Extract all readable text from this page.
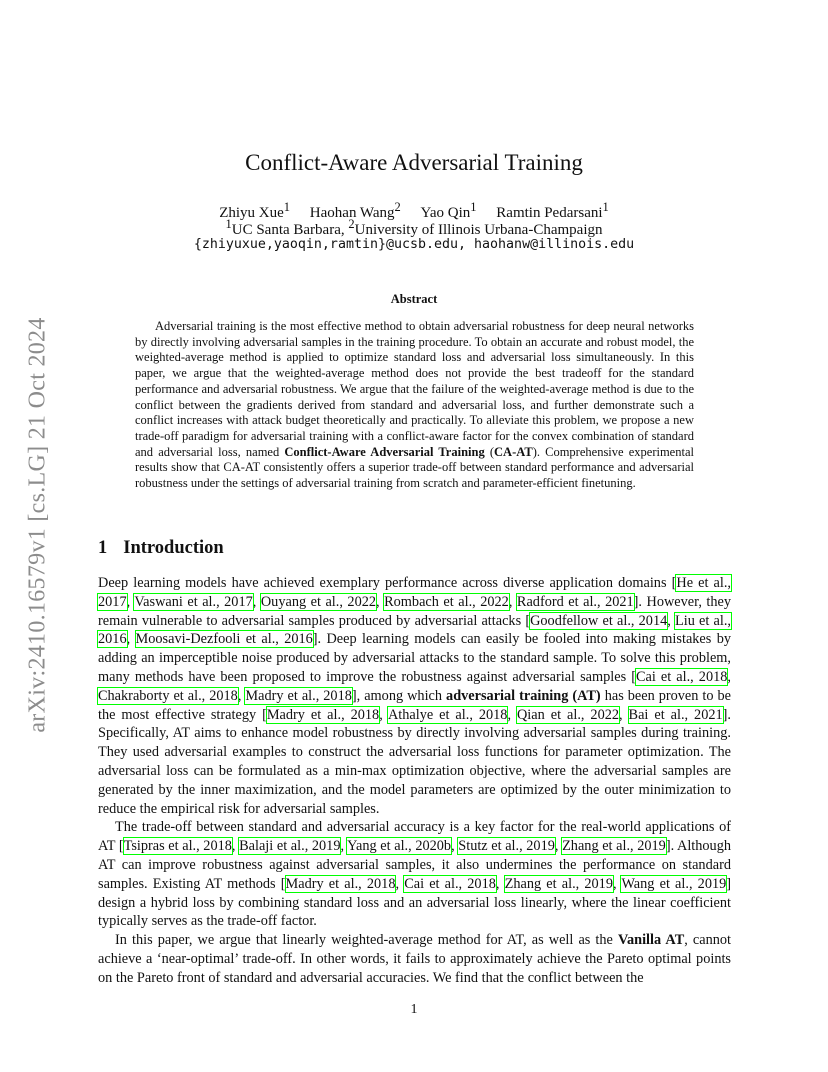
arXiv:2410.16579v1 [cs.LG] 21 Oct 2024
Conflict-Aware Adversarial Training
Zhiyu Xue$^1$ Haohan Wang$^2$ Yao Qin$^1$ Ramtin Pedarsani$^1$
$^1$UC Santa Barbara, $^2$University of Illinois Urbana-Champaign
{zhiyuxue,yaoqin,ramtin}@ucsb.edu, haohanw@illinois.edu
Abstract

Adversarial training is the most effective method to obtain adversarial robustness for deep neural networks by directly involving adversarial samples in the training procedure. To obtain an accurate and robust model, the weighted-average method is applied to optimize standard loss and adversarial loss simultaneously. In this paper, we argue that the weighted-average method does not provide the best tradeoff for the standard performance and adversarial robustness. We argue that the failure of the weighted-average method is due to the conflict between the gradients derived from standard and adversarial loss, and further demonstrate such a conflict increases with attack budget theoretically and practically. To alleviate this problem, we propose a new trade-off paradigm for adversarial training with a conflict-aware factor for the convex combination of standard and adversarial loss, named Conflict-Aware Adversarial Training (CA-AT). Comprehensive experimental results show that CA-AT consistently offers a superior trade-off between standard performance and adversarial robustness under the settings of adversarial training from scratch and parameter-efficient finetuning.

1 Introduction

Deep learning models have achieved exemplary performance across diverse application domains [He et al., 2017, Vaswani et al., 2017, Ouyang et al., 2022, Rombach et al., 2022, Radford et al., 2021]. However, they remain vulnerable to adversarial samples produced by adversarial attacks [Goodfellow et al., 2014, Liu et al., 2016, Moosavi-Dezfooli et al., 2016]. Deep learning models can easily be fooled into making mistakes by adding an imperceptible noise produced by adversarial attacks to the standard sample. To solve this problem, many methods have been proposed to improve the robustness against adversarial samples [Cai et al., 2018, Chakraborty et al., 2018, Madry et al., 2018], among which adversarial training (AT) has been proven to be the most effective strategy [Madry et al., 2018, Athalye et al., 2018, Qian et al., 2022, Bai et al., 2021]. Specifically, AT aims to enhance model robustness by directly involving adversarial samples during training. They used adversarial examples to construct the adversarial loss functions for parameter optimization. The adversarial loss can be formulated as a min-max optimization objective, where the adversarial samples are generated by the inner maximization, and the model parameters are optimized by the outer minimization to reduce the empirical risk for adversarial samples.

The trade-off between standard and adversarial accuracy is a key factor for the real-world applications of AT [Tsipras et al., 2018, Balaji et al., 2019, Yang et al., 2020b, Stutz et al., 2019, Zhang et al., 2019]. Although AT can improve robustness against adversarial samples, it also undermines the performance on standard samples. Existing AT methods [Madry et al., 2018, Cai et al., 2018, Zhang et al., 2019, Wang et al., 2019] design a hybrid loss by combining standard loss and an adversarial loss linearly, where the linear coefficient typically serves as the trade-off factor.

In this paper, we argue that linearly weighted-average method for AT, as well as the Vanilla AT, cannot achieve a ‘near-optimal’ trade-off. In other words, it fails to approximately achieve the Pareto optimal points on the Pareto front of standard and adversarial accuracies. We find that the conflict between the

1
